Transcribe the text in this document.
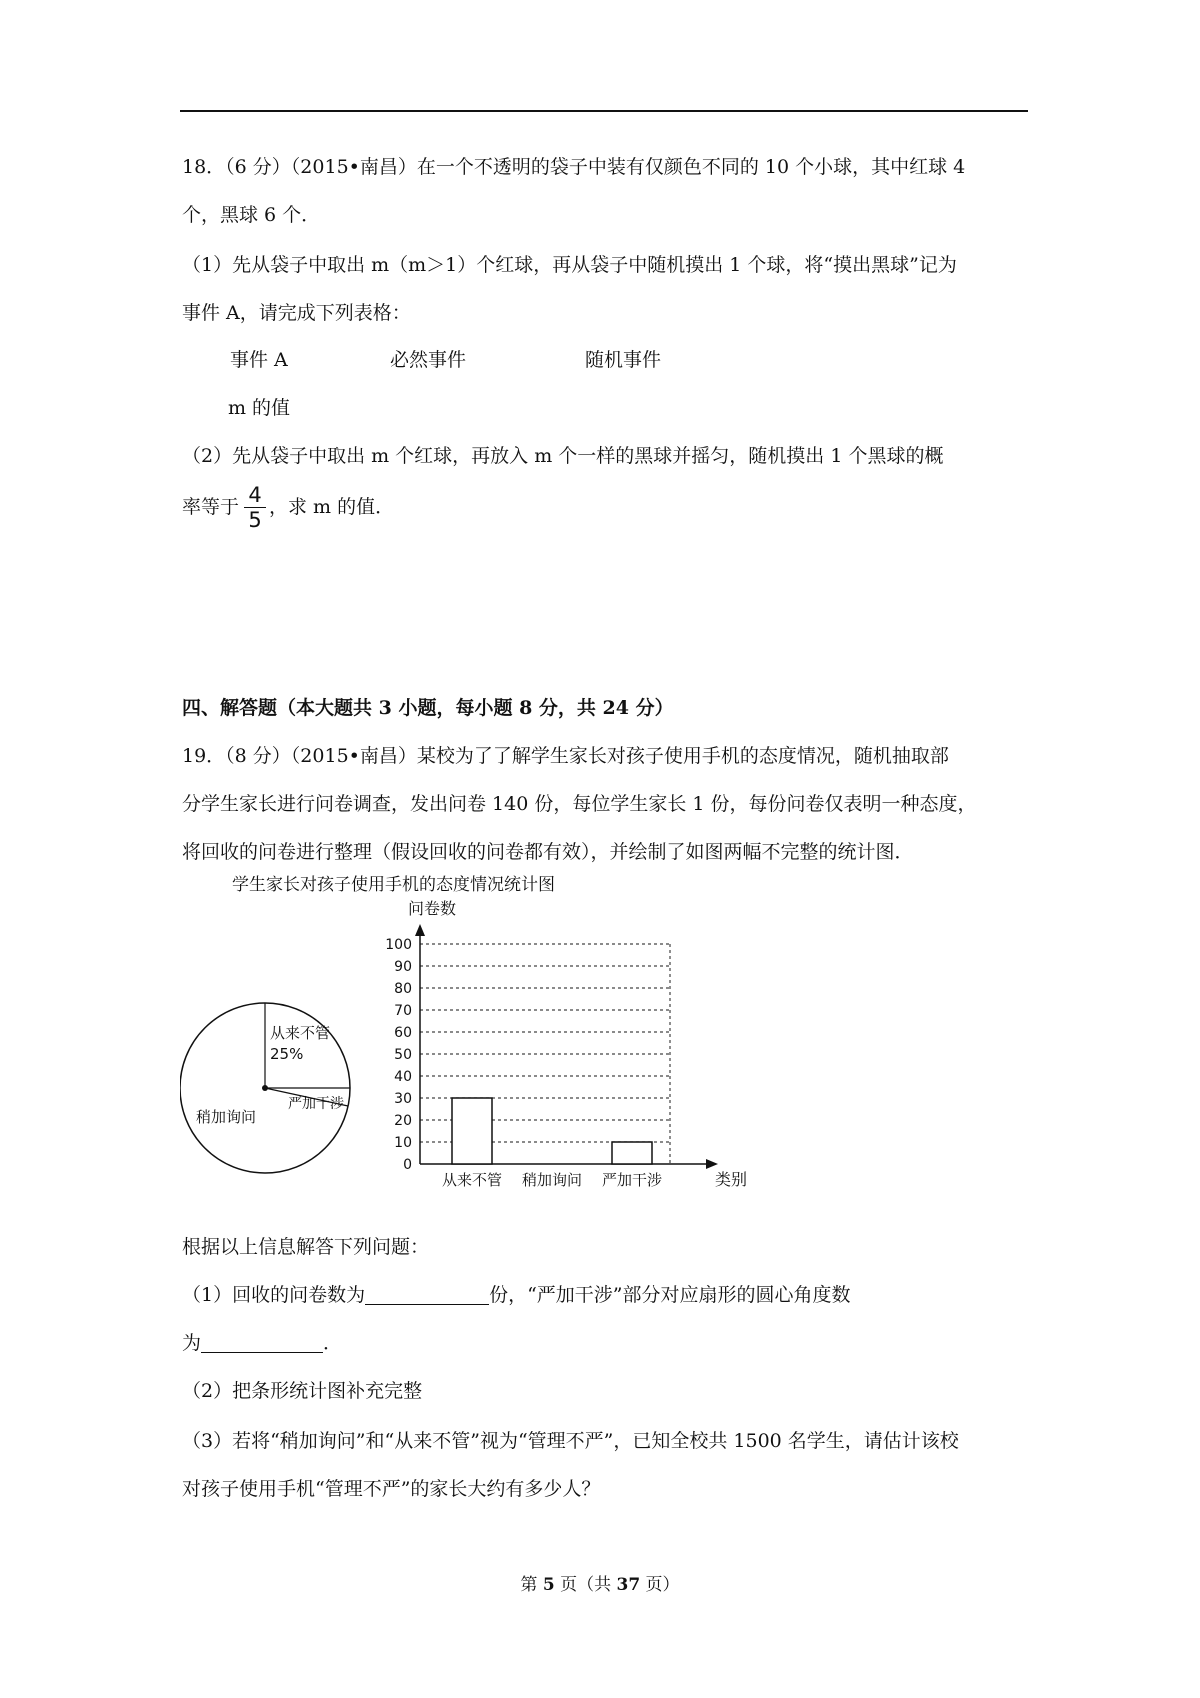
18．（6 分）（2015•南昌）在一个不透明的袋子中装有仅颜色不同的 10 个小球，其中红球 4
个，黑球 6 个．
（1）先从袋子中取出 m（m＞1）个红球，再从袋子中随机摸出 1 个球，将“摸出黑球”记为
事件 A，请完成下列表格：
事件 A	必然事件	随机事件
m 的值
（2）先从袋子中取出 m 个红球，再放入 m 个一样的黑球并摇匀，随机摸出 1 个黑球的概
率等于 ，求 m 的值．
4
5
四、解答题（本大题共 3 小题，每小题 8 分，共 24 分）
19．（8 分）（2015•南昌）某校为了了解学生家长对孩子使用手机的态度情况，随机抽取部
分学生家长进行问卷调查，发出问卷 140 份，每位学生家长 1 份，每份问卷仅表明一种态度，
将回收的问卷进行整理（假设回收的问卷都有效），并绘制了如图两幅不完整的统计图．
学生家长对孩子使用手机的态度情况统计图
从来不管
25%
稍加询问
严加干涉
问卷数
0
10
20
30
40
50
60
70
80
90
100
从来不管 稍加询问 严加干涉	类别
根据以上信息解答下列问题：
（1）回收的问卷数为	份，“严加干涉”部分对应扇形的圆心角度数
为	．
（2）把条形统计图补充完整
（3）若将“稍加询问”和“从来不管”视为“管理不严”，已知全校共 1500 名学生，请估计该校
对孩子使用手机“管理不严”的家长大约有多少人？
第 5 页（共 37 页）
